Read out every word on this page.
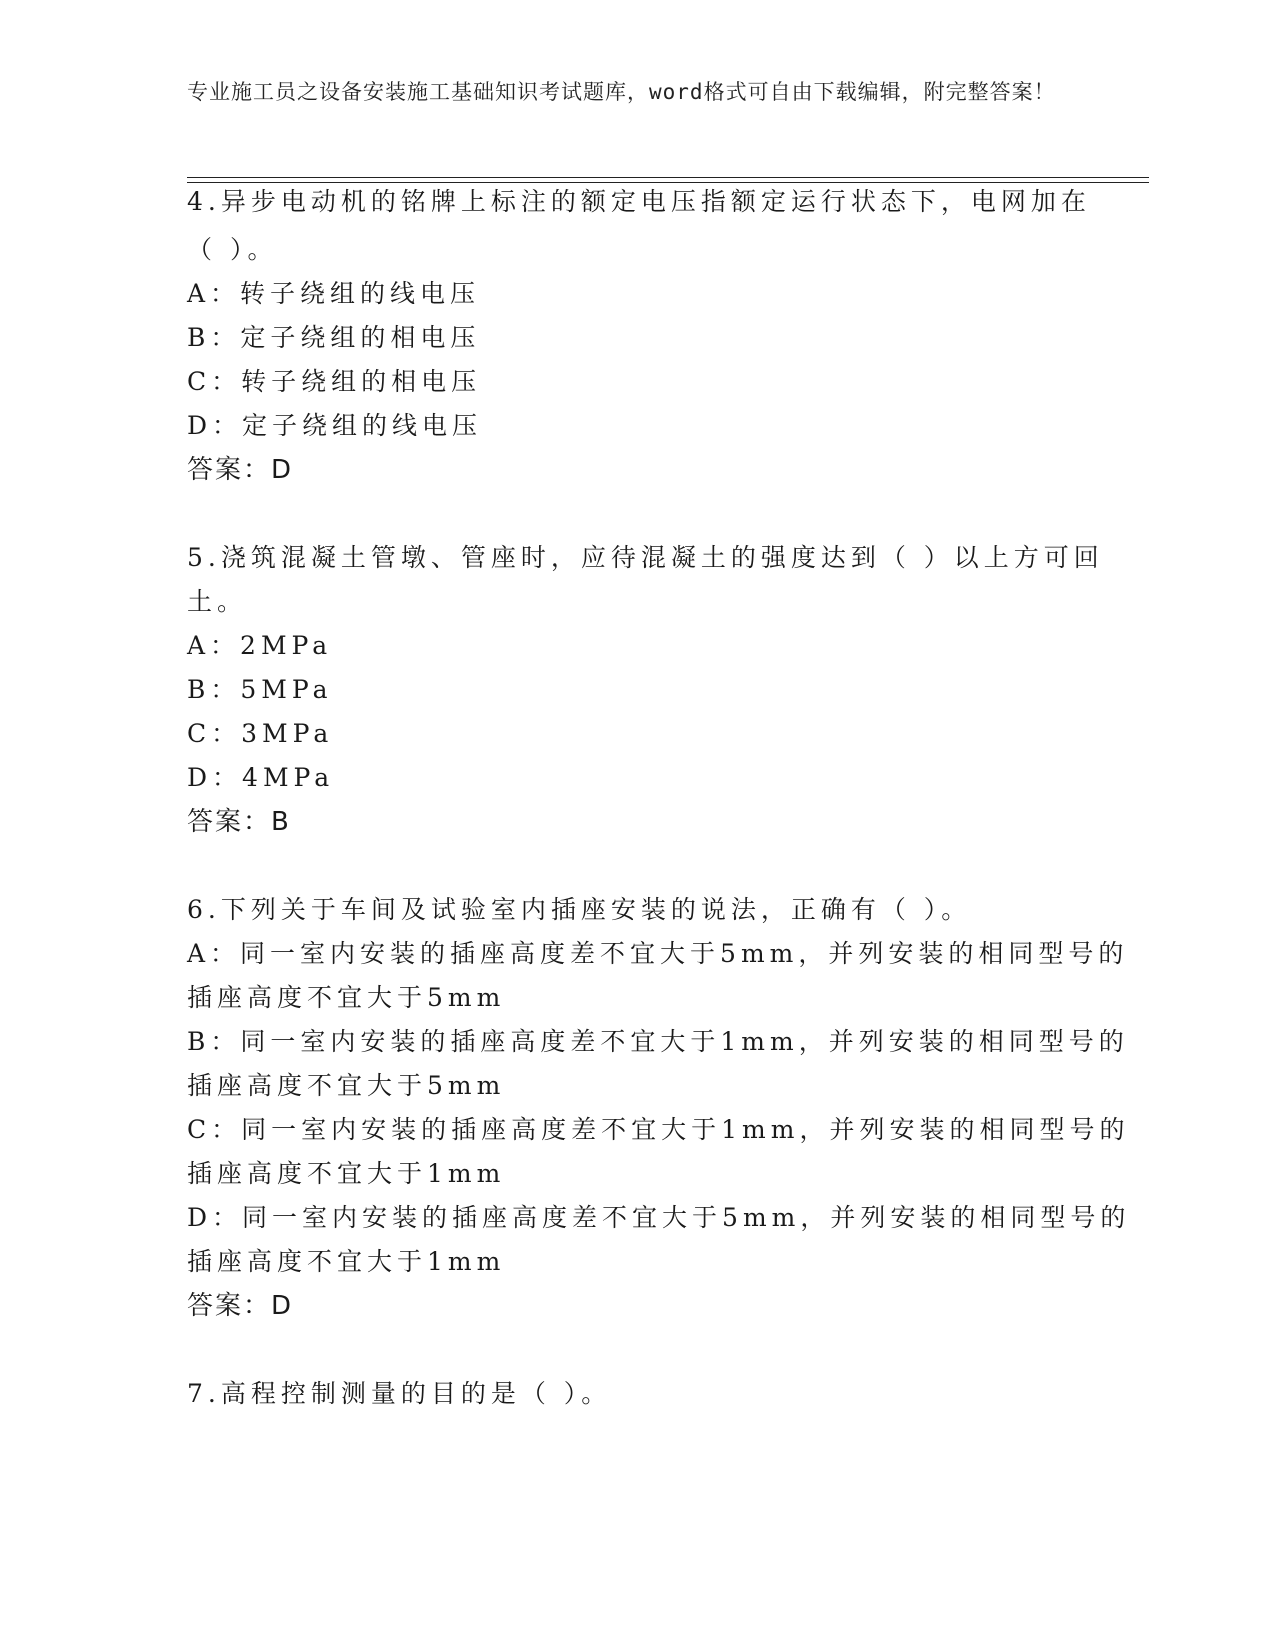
专业施工员之设备安装施工基础知识考试题库，word格式可自由下载编辑，附完整答案！
4.异步电动机的铭牌上标注的额定电压指额定运行状态下，电网加在
（ ）。
A：转子绕组的线电压
B：定子绕组的相电压
C：转子绕组的相电压
D：定子绕组的线电压
答案：D
5.浇筑混凝土管墩、管座时，应待混凝土的强度达到（ ）以上方可回
土。
A：2MPa
B：5MPa
C：3MPa
D：4MPa
答案：B
6.下列关于车间及试验室内插座安装的说法，正确有（ ）。
A：同一室内安装的插座高度差不宜大于5mm，并列安装的相同型号的
插座高度不宜大于5mm
B：同一室内安装的插座高度差不宜大于1mm，并列安装的相同型号的
插座高度不宜大于5mm
C：同一室内安装的插座高度差不宜大于1mm，并列安装的相同型号的
插座高度不宜大于1mm
D：同一室内安装的插座高度差不宜大于5mm，并列安装的相同型号的
插座高度不宜大于1mm
答案：D
7.高程控制测量的目的是（ ）。
